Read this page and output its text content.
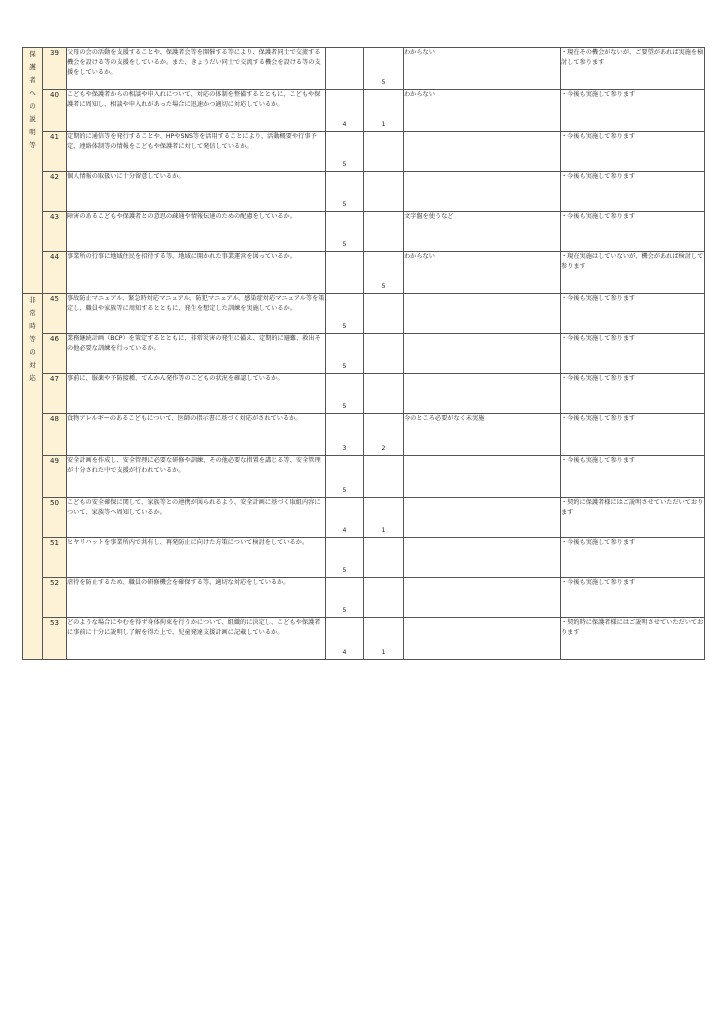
保護者への説明等	39	父母の会の活動を支援することや、保護者会等を開催する等により、保護者同士で交流する機会を設ける等の支援をしているか。また、きょうだい同士で交流する機会を設ける等の支援をしているか。		5	わからない	・現在その機会がないが、ご要望があれば実施を検討して参ります
	40	こどもや保護者からの相談や申入れについて、対応の体制を整備するとともに、こどもや保護者に周知し、相談や申入れがあった場合に迅速かつ適切に対応しているか。	4	1	わからない	・今後も実施して参ります
	41	定期的に通信等を発行することや、HPやSNS等を活用することにより、活動概要や行事予定、連絡体制等の情報をこどもや保護者に対して発信しているか。	5			・今後も実施して参ります
	42	個人情報の取扱いに十分留意しているか。	5			・今後も実施して参ります
	43	障害のあるこどもや保護者との意思の疎通や情報伝達のための配慮をしているか。	5		文字盤を使うなど	・今後も実施して参ります
	44	事業所の行事に地域住民を招待する等、地域に開かれた事業運営を図っているか。		5	わからない	・現在実施はしていないが、機会があれば検討して参ります
非常時等の対応	45	事故防止マニュアル、緊急時対応マニュアル、防犯マニュアル、感染症対応マニュアル等を策定し、職員や家族等に周知するとともに、発生を想定した訓練を実施しているか。	5			・今後も実施して参ります
	46	業務継続計画（BCP）を策定するとともに、非常災害の発生に備え、定期的に避難、救出その他必要な訓練を行っているか。	5			・今後も実施して参ります
	47	事前に、服薬や予防接種、てんかん発作等のこどもの状況を確認しているか。	5			・今後も実施して参ります
	48	食物アレルギーのあるこどもについて、医師の指示書に基づく対応がされているか。	3	2	今のところ必要がなく未実施	・今後も実施して参ります
	49	安全計画を作成し、安全管理に必要な研修や訓練、その他必要な措置を講じる等、安全管理が十分された中で支援が行われているか。	5			・今後も実施して参ります
	50	こどもの安全確保に関して、家族等との連携が図られるよう、安全計画に基づく取組内容について、家族等へ周知しているか。	4	1		・契約に保護者様にはご説明させていただいております
	51	ヒヤリハットを事業所内で共有し、再発防止に向けた方策について検討をしているか。	5			・今後も実施して参ります
	52	虐待を防止するため、職員の研修機会を確保する等、適切な対応をしているか。	5			・今後も実施して参ります
	53	どのような場合にやむを得ず身体拘束を行うかについて、組織的に決定し、こどもや保護者に事前に十分に説明し了解を得た上で、児童発達支援計画に記載しているか。	4	1		・契約時に保護者様にはご説明させていただいております
